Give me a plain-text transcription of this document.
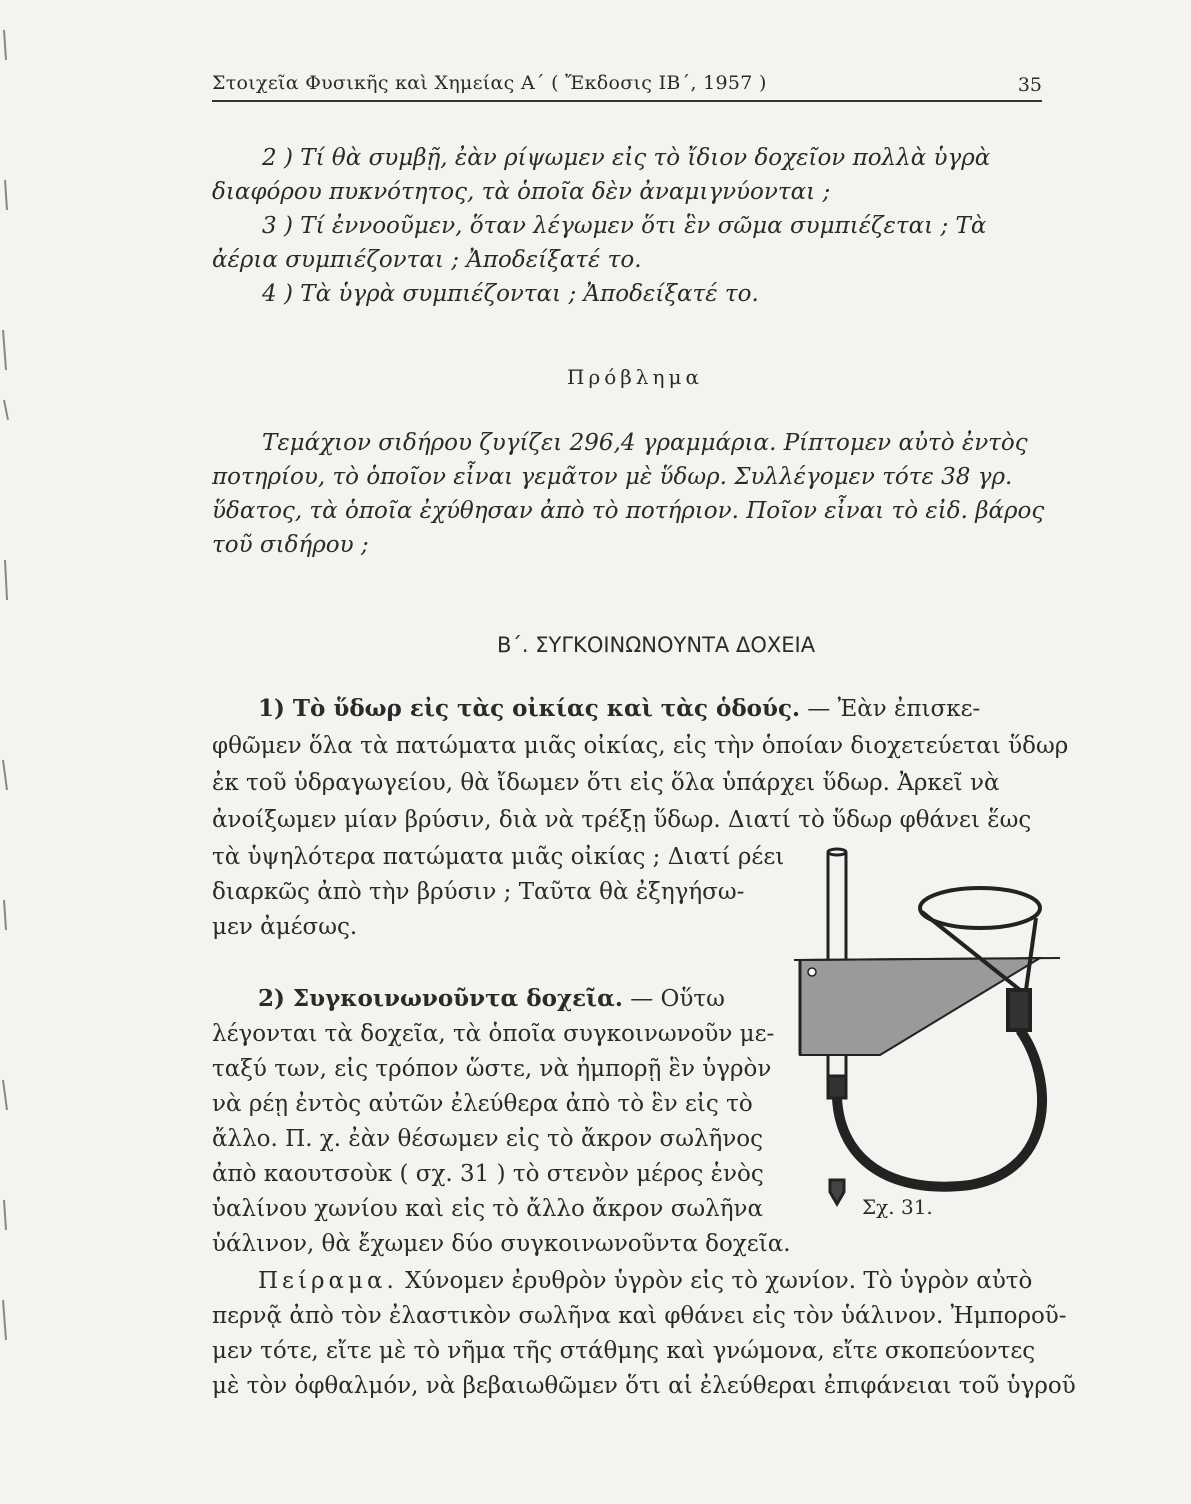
Στοιχεῖα Φυσικῆς καὶ Χημείας Α΄ ( Ἔκδοσις ΙΒ΄, 1957 )	35
2 ) Τί θὰ συμβῇ, ἐὰν ρίψωμεν εἰς τὸ ἴδιον δοχεῖον πολλὰ ὑγρὰ
διαφόρου πυκνότητος, τὰ ὁποῖα δὲν ἀναμιγνύονται ;
3 ) Τί ἐννοοῦμεν, ὅταν λέγωμεν ὅτι ἓν σῶμα συμπιέζεται ; Τὰ
ἀέρια συμπιέζονται ; Ἀποδείξατέ το.
4 ) Τὰ ὑγρὰ συμπιέζονται ; Ἀποδείξατέ το.
Πρόβλημα
Τεμάχιον σιδήρου ζυγίζει 296,4 γραμμάρια. Ρίπτομεν αὐτὸ ἐντὸς
ποτηρίου, τὸ ὁποῖον εἶναι γεμᾶτον μὲ ὕδωρ. Συλλέγομεν τότε 38 γρ.
ὕδατος, τὰ ὁποῖα ἐχύθησαν ἀπὸ τὸ ποτήριον. Ποῖον εἶναι τὸ εἰδ. βάρος
τοῦ σιδήρου ;
Β΄. ΣΥΓΚΟΙΝΩΝΟΥΝΤΑ ΔΟΧΕΙΑ
1) Τὸ ὕδωρ εἰς τὰς οἰκίας καὶ τὰς ὁδούς. — Ἐὰν ἐπισκε-
φθῶμεν ὅλα τὰ πατώματα μιᾶς οἰκίας, εἰς τὴν ὁποίαν διοχετεύεται ὕδωρ
ἐκ τοῦ ὑδραγωγείου, θὰ ἴδωμεν ὅτι εἰς ὅλα ὑπάρχει ὕδωρ. Ἀρκεῖ νὰ
ἀνοίξωμεν μίαν βρύσιν, διὰ νὰ τρέξῃ ὕδωρ. Διατί τὸ ὕδωρ φθάνει ἕως
τὰ ὑψηλότερα πατώματα μιᾶς οἰκίας ; Διατί ρέει
διαρκῶς ἀπὸ τὴν βρύσιν ; Ταῦτα θὰ ἐξηγήσω-
μεν ἀμέσως.
2) Συγκοινωνοῦντα δοχεῖα. — Οὕτω
λέγονται τὰ δοχεῖα, τὰ ὁποῖα συγκοινωνοῦν με-
ταξύ των, εἰς τρόπον ὥστε, νὰ ἠμπορῇ ἓν ὑγρὸν
νὰ ρέῃ ἐντὸς αὐτῶν ἐλεύθερα ἀπὸ τὸ ἓν εἰς τὸ
ἄλλο. Π. χ. ἐὰν θέσωμεν εἰς τὸ ἄκρον σωλῆνος
ἀπὸ καουτσοὺκ ( σχ. 31 ) τὸ στενὸν μέρος ἑνὸς
ὑαλίνου χωνίου καὶ εἰς τὸ ἄλλο ἄκρον σωλῆνα
ὑάλινον, θὰ ἔχωμεν δύο συγκοινωνοῦντα δοχεῖα.
Πείραμα. Χύνομεν ἐρυθρὸν ὑγρὸν εἰς τὸ χωνίον. Τὸ ὑγρὸν αὐτὸ
περνᾷ ἀπὸ τὸν ἐλαστικὸν σωλῆνα καὶ φθάνει εἰς τὸν ὑάλινον. Ἠμποροῦ-
μεν τότε, εἴτε μὲ τὸ νῆμα τῆς στάθμης καὶ γνώμονα, εἴτε σκοπεύοντες
μὲ τὸν ὀφθαλμόν, νὰ βεβαιωθῶμεν ὅτι αἱ ἐλεύθεραι ἐπιφάνειαι τοῦ ὑγροῦ
Σχ. 31.
